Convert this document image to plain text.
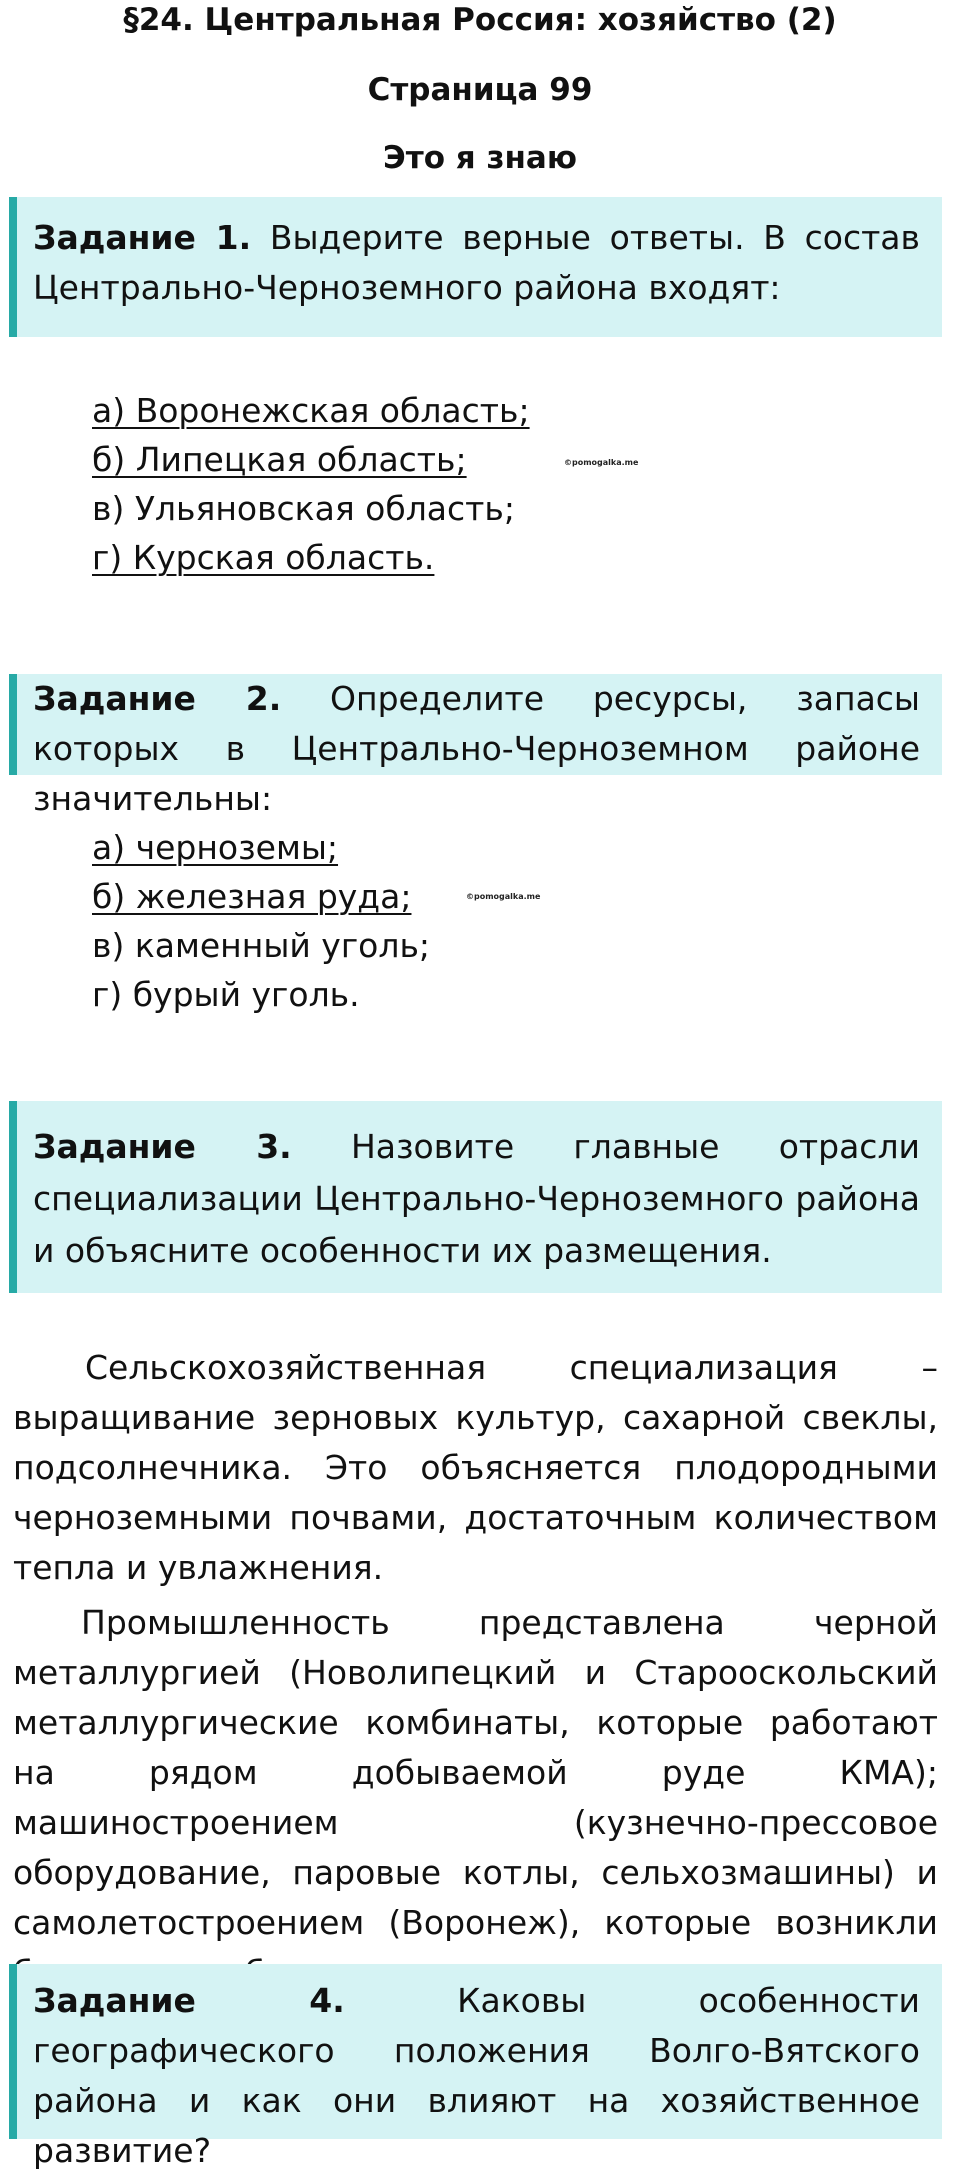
§24. Центральная Россия: хозяйство (2)
Страница 99
Это я знаю
Задание 1. Выдерите верные ответы. В состав Центрально-Черноземного района входят:
а) Воронежская область;
б) Липецкая область;
в) Ульяновская область;
г) Курская область.
©pomogalka.me
Задание 2. Определите ресурсы, запасы которых в Центрально-Черноземном районе значительны:
а) черноземы;
б) железная руда;
в) каменный уголь;
г) бурый уголь.
©pomogalka.me
Задание 3. Назовите главные отрасли специализации Центрально-Черноземного района и объясните особенности их размещения.

Сельскохозяйственная специализация – выращивание зерновых культур, сахарной свеклы, подсолнечника. Это объясняется плодородными черноземными почвами, достаточным количеством тепла и увлажнения.

Промышленность представлена черной металлургией (Новолипецкий и Старооскольский металлургические комбинаты, которые работают на рядом добываемой руде КМА); машиностроением (кузнечно-прессовое оборудование, паровые котлы, сельхозмашины) и самолетостроением (Воронеж), которые возникли

Задание 4. Каковы особенности географического положения Волго-Вятского района и как они влияют на хозяйственное развитие?
